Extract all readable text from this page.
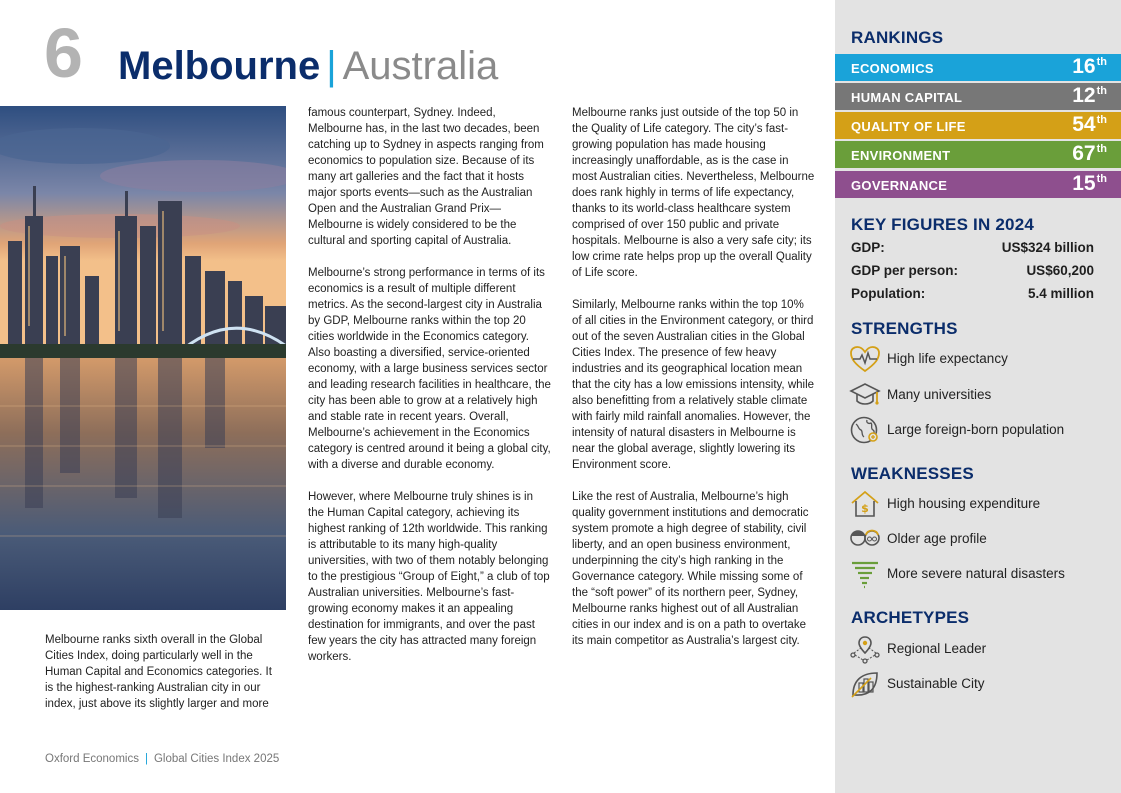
6 Melbourne | Australia

Melbourne ranks sixth overall in the Global Cities Index, doing particularly well in the Human Capital and Economics categories. It is the highest-ranking Australian city in our index, just above its slightly larger and more

famous counterpart, Sydney. Indeed, Melbourne has, in the last two decades, been catching up to Sydney in aspects ranging from economics to population size. Because of its many art galleries and the fact that it hosts major sports events—such as the Australian Open and the Australian Grand Prix—Melbourne is widely considered to be the cultural and sporting capital of Australia.

Melbourne’s strong performance in terms of its economics is a result of multiple different metrics. As the second-largest city in Australia by GDP, Melbourne ranks within the top 20 cities worldwide in the Economics category. Also boasting a diversified, service-oriented economy, with a large business services sector and leading research facilities in healthcare, the city has been able to grow at a relatively high and stable rate in recent years. Overall, Melbourne’s achievement in the Economics category is centred around it being a global city, with a diverse and durable economy.

However, where Melbourne truly shines is in the Human Capital category, achieving its highest ranking of 12th worldwide. This ranking is attributable to its many high-quality universities, with two of them notably belonging to the prestigious “Group of Eight,” a club of top Australian universities. Melbourne’s fast-growing economy makes it an appealing destination for immigrants, and over the past few years the city has attracted many foreign workers.

Melbourne ranks just outside of the top 50 in the Quality of Life category. The city’s fast-growing population has made housing increasingly unaffordable, as is the case in most Australian cities. Nevertheless, Melbourne does rank highly in terms of life expectancy, thanks to its world-class healthcare system comprised of over 150 public and private hospitals. Melbourne is also a very safe city; its low crime rate helps prop up the overall Quality of Life score.

Similarly, Melbourne ranks within the top 10% of all cities in the Environment category, or third out of the seven Australian cities in the Global Cities Index. The presence of few heavy industries and its geographical location mean that the city has a low emissions intensity, while also benefitting from a relatively stable climate with fairly mild rainfall anomalies. However, the intensity of natural disasters in Melbourne is near the global average, slightly lowering its Environment score.

Like the rest of Australia, Melbourne’s high quality government institutions and democratic system promote a high degree of stability, civil liberty, and an open business environment, underpinning the city’s high ranking in the Governance category. While missing some of the “soft power” of its northern peer, Sydney, Melbourne ranks highest out of all Australian cities in our index and is on a path to overtake its main competitor as Australia’s largest city.

Oxford Economics | Global Cities Index 2025
RANKINGS
ECONOMICS	16th
HUMAN CAPITAL	12th
QUALITY OF LIFE	54th
ENVIRONMENT	67th
GOVERNANCE	15th
KEY FIGURES IN 2024
GDP:	US$324 billion
GDP per person:	US$60,200
Population:	5.4 million
STRENGTHS
High life expectancy
Many universities
Large foreign-born population
WEAKNESSES
$ High housing expenditure
Older age profile
More severe natural disasters
ARCHETYPES
Regional Leader
Sustainable City
